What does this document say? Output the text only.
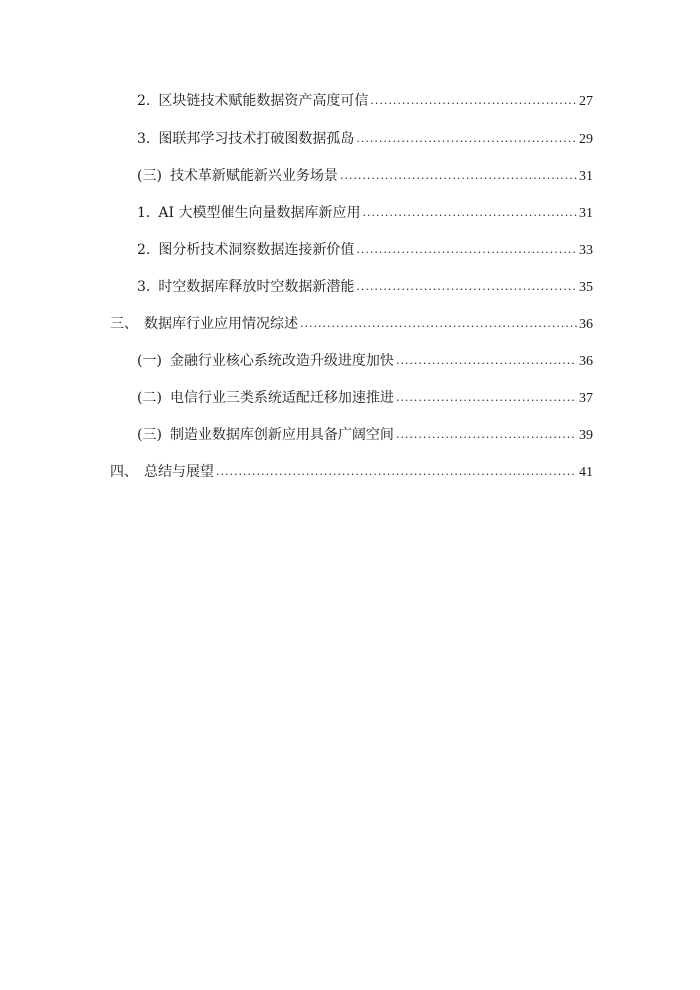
2. 区块链技术赋能数据资产高度可信 .....	27
3. 图联邦学习技术打破图数据孤岛 .....	29
(三) 技术革新赋能新兴业务场景 .....	31
1. AI 大模型催生向量数据库新应用 .....	31
2. 图分析技术洞察数据连接新价值 .....	33
3. 时空数据库释放时空数据新潜能 .....	35
三、 数据库行业应用情况综述 .....	36
(一) 金融行业核心系统改造升级进度加快 .....	36
(二) 电信行业三类系统适配迁移加速推进 .....	37
(三) 制造业数据库创新应用具备广阔空间 .....	39
四、 总结与展望 .....	41
